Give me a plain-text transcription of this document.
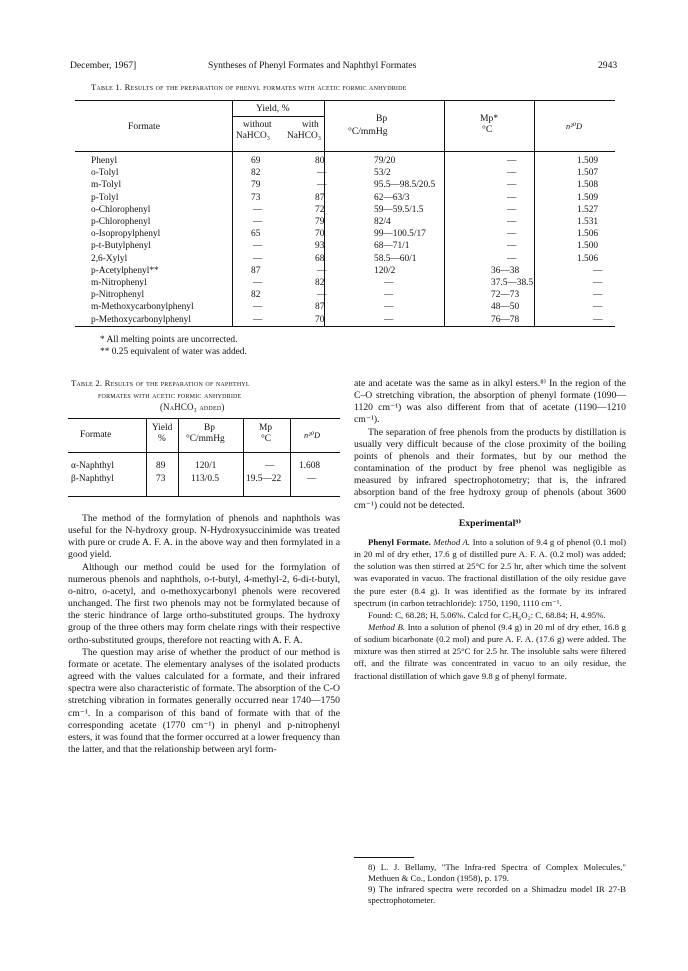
December, 1967]	Syntheses of Phenyl Formates and Naphthyl Formates	2943
Table 1. Results of the preparation of phenyl formates with acetic formic anhydride
Formate
Yield, %
without	with
NaHCO₃ NaHCO₃
Bp
°C/mmHg
Mp*
°C	n²⁰D
Phenyl	69	80	79/20	—	1.509
o-Tolyl	82	—	53/2	—	1.507
m-Tolyl	79	—	95.5—98.5/20.5	—	1.508
p-Tolyl	73	87	62—63/3	—	1.509
o-Chlorophenyl	—	72	59—59.5/1.5	—	1.527
p-Chlorophenyl	—	79	82/4	—	1.531
o-Isopropylphenyl	65	70	99—100.5/17	—	1.506
p-t-Butylphenyl	—	93	68—71/1	—	1.500
2,6-Xylyl	—	68	58.5—60/1	—	1.506
p-Acetylphenyl**	87	—	120/2	36—38	—
m-Nitrophenyl	—	82	—	37.5—38.5	—
p-Nitrophenyl	82	—	—	72—73	—
m-Methoxycarbonylphenyl	—	87	—	48—50	—
p-Methoxycarbonylphenyl	—	70	—	76—78	—
* All melting points are uncorrected.
** 0.25 equivalent of water was added.
Table 2. Results of the preparation of naphthyl
formates with acetic formic anhydride
(NaHCO₃ added)
Formate
Yield
%
Bp
°C/mmHg
Mp
°C	n²⁰D
α-Naphthyl	89	120/1	—	1.608
β-Naphthyl	73	113/0.5	19.5—22	—

The method of the formylation of phenols and naphthols was useful for the N-hydroxy group. N-Hydroxysuccinimide was treated with pure or crude A. F. A. in the above way and then formylated in a good yield.

Although our method could be used for the formylation of numerous phenols and naphthols, o-t-butyl, 4-methyl-2, 6-di-t-butyl, o-nitro, o-acetyl, and o-methoxycarbonyl phenols were recovered unchanged. The first two phenols may not be formylated because of the steric hindrance of large ortho-substituted groups. The hydroxy group of the three others may form chelate rings with their respective ortho-substituted groups, therefore not reacting with A. F. A.

The question may arise of whether the product of our method is formate or acetate. The elementary analyses of the isolated products agreed with the values calculated for a formate, and their infrared spectra were also characteristic of formate. The absorption of the C-O stretching vibration in formates generally occurred near 1740—1750 cm⁻¹. In a comparison of this band of formate with that of the corresponding acetate (1770 cm⁻¹) in phenyl and p-nitrophenyl esters, it was found that the former occurred at a lower frequency than the latter, and that the relationship between aryl form-

ate and acetate was the same as in alkyl esters.⁸⁾ In the region of the C–O stretching vibration, the absorption of phenyl formate (1090—1120 cm⁻¹) was also different from that of acetate (1190—1210 cm⁻¹).

The separation of free phenols from the products by distillation is usually very difficult because of the close proximity of the boiling points of phenols and their formates, but by our method the contamination of the product by free phenol was negligible as measured by infrared spectrophotometry; that is, the infrared absorption band of the free hydroxy group of phenols (about 3600 cm⁻¹) could not be detected.

Experimental⁹⁾

Phenyl Formate. Method A. Into a solution of 9.4 g of phenol (0.1 mol) in 20 ml of dry ether, 17.6 g of distilled pure A. F. A. (0.2 mol) was added; the solution was then stirred at 25°C for 2.5 hr, after which time the solvent was evaporated in vacuo. The fractional distillation of the oily residue gave the pure ester (8.4 g). It was identified as the formate by its infrared spectrum (in carbon tetrachloride): 1750, 1190, 1110 cm⁻¹.

Found: C, 68.28; H, 5.06%. Calcd for C₇H₆O₂: C, 68.84; H, 4.95%.

Method B. Into a solution of phenol (9.4 g) in 20 ml of dry ether, 16.8 g of sodium bicarbonate (0.2 mol) and pure A. F. A. (17.6 g) were added. The mixture was then stirred at 25°C for 2.5 hr. The insoluble salts were filtered off, and the filtrate was concentrated in vacuo to an oily residue, the fractional distillation of which gave 9.8 g of phenyl formate.

8) L. J. Bellamy, "The Infra-red Spectra of Complex Molecules," Methuen & Co., London (1958), p. 179.
9) The infrared spectra were recorded on a Shimadzu model IR 27-B spectrophotometer.
